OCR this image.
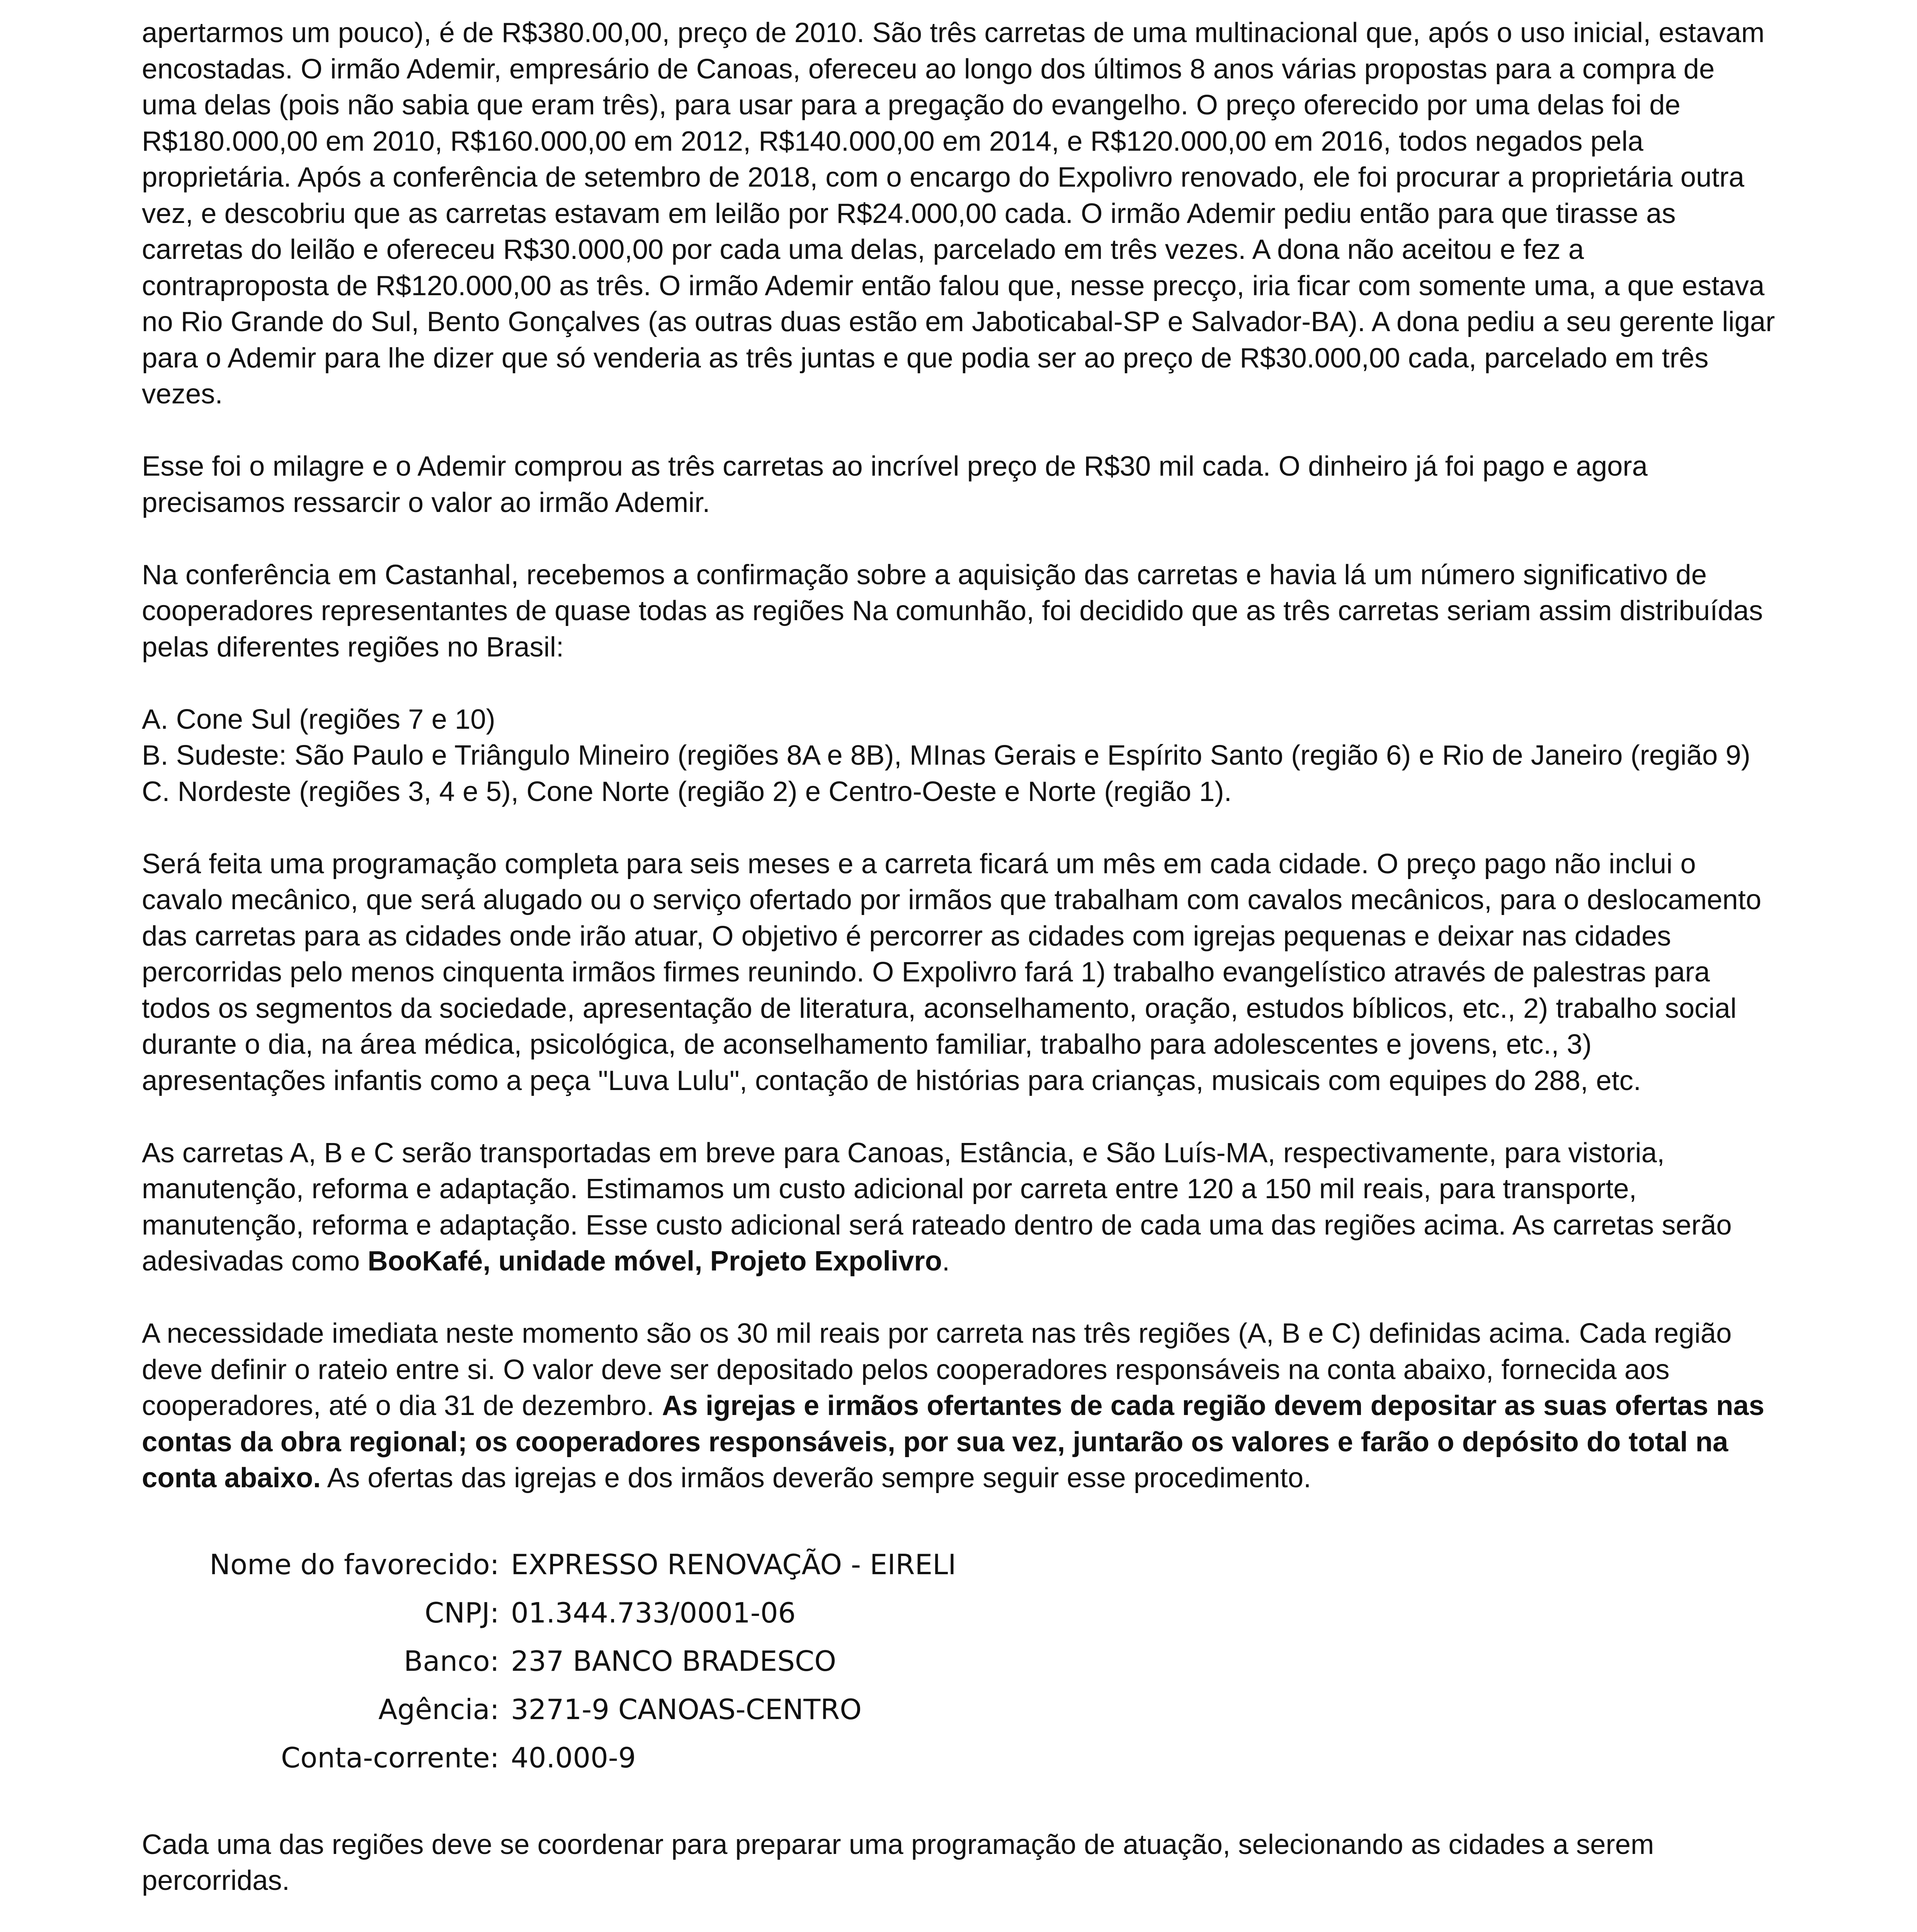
apertarmos um pouco), é de R$380.00,00, preço de 2010. São três carretas de uma multinacional que, após o uso inicial, estavam encostadas. O irmão Ademir, empresário de Canoas, ofereceu ao longo dos últimos 8 anos várias propostas para a compra de uma delas (pois não sabia que eram três), para usar para a pregação do evangelho. O preço oferecido por uma delas foi de R$180.000,00 em 2010, R$160.000,00 em 2012, R$140.000,00 em 2014, e R$120.000,00 em 2016, todos negados pela proprietária. Após a conferência de setembro de 2018, com o encargo do Expolivro renovado, ele foi procurar a proprietária outra vez, e descobriu que as carretas estavam em leilão por R$24.000,00 cada. O irmão Ademir pediu então para que tirasse as carretas do leilão e ofereceu R$30.000,00 por cada uma delas, parcelado em três vezes. A dona não aceitou e fez a contraproposta de R$120.000,00 as três. O irmão Ademir então falou que, nesse precço, iria ficar com somente uma, a que estava no Rio Grande do Sul, Bento Gonçalves (as outras duas estão em Jaboticabal-SP e Salvador-BA). A dona pediu a seu gerente ligar para o Ademir para lhe dizer que só venderia as três juntas e que podia ser ao preço de R$30.000,00 cada, parcelado em três vezes.

Esse foi o milagre e o Ademir comprou as três carretas ao incrível preço de R$30 mil cada. O dinheiro já foi pago e agora precisamos ressarcir o valor ao irmão Ademir.

Na conferência em Castanhal, recebemos a confirmação sobre a aquisição das carretas e havia lá um número significativo de cooperadores representantes de quase todas as regiões Na comunhão, foi decidido que as três carretas seriam assim distribuídas pelas diferentes regiões no Brasil:

A. Cone Sul (regiões 7 e 10)
B. Sudeste: São Paulo e Triângulo Mineiro (regiões 8A e 8B), MInas Gerais e Espírito Santo (região 6) e Rio de Janeiro (região 9)
C. Nordeste (regiões 3, 4 e 5), Cone Norte (região 2) e Centro-Oeste e Norte (região 1).

Será feita uma programação completa para seis meses e a carreta ficará um mês em cada cidade. O preço pago não inclui o cavalo mecânico, que será alugado ou o serviço ofertado por irmãos que trabalham com cavalos mecânicos, para o deslocamento das carretas para as cidades onde irão atuar, O objetivo é percorrer as cidades com igrejas pequenas e deixar nas cidades percorridas pelo menos cinquenta irmãos firmes reunindo. O Expolivro fará 1) trabalho evangelístico através de palestras para todos os segmentos da sociedade, apresentação de literatura, aconselhamento, oração, estudos bíblicos, etc., 2) trabalho social durante o dia, na área médica, psicológica, de aconselhamento familiar, trabalho para adolescentes e jovens, etc., 3) apresentações infantis como a peça "Luva Lulu", contação de histórias para crianças, musicais com equipes do 288, etc.

As carretas A, B e C serão transportadas em breve para Canoas, Estância, e São Luís-MA, respectivamente, para vistoria, manutenção, reforma e adaptação. Estimamos um custo adicional por carreta entre 120 a 150 mil reais, para transporte, manutenção, reforma e adaptação. Esse custo adicional será rateado dentro de cada uma das regiões acima. As carretas serão adesivadas como BooKafé, unidade móvel, Projeto Expolivro.

A necessidade imediata neste momento são os 30 mil reais por carreta nas três regiões (A, B e C) definidas acima. Cada região deve definir o rateio entre si. O valor deve ser depositado pelos cooperadores responsáveis na conta abaixo, fornecida aos cooperadores, até o dia 31 de dezembro. As igrejas e irmãos ofertantes de cada região devem depositar as suas ofertas nas contas da obra regional; os cooperadores responsáveis, por sua vez, juntarão os valores e farão o depósito do total na conta abaixo. As ofertas das igrejas e dos irmãos deverão sempre seguir esse procedimento.

Nome do favorecido: EXPRESSO RENOVAÇÃO - EIRELI
CNPJ: 01.344.733/0001-06
Banco: 237 BANCO BRADESCO
Agência: 3271-9 CANOAS-CENTRO
Conta-corrente: 40.000-9

Cada uma das regiões deve se coordenar para preparar uma programação de atuação, selecionando as cidades a serem percorridas.
